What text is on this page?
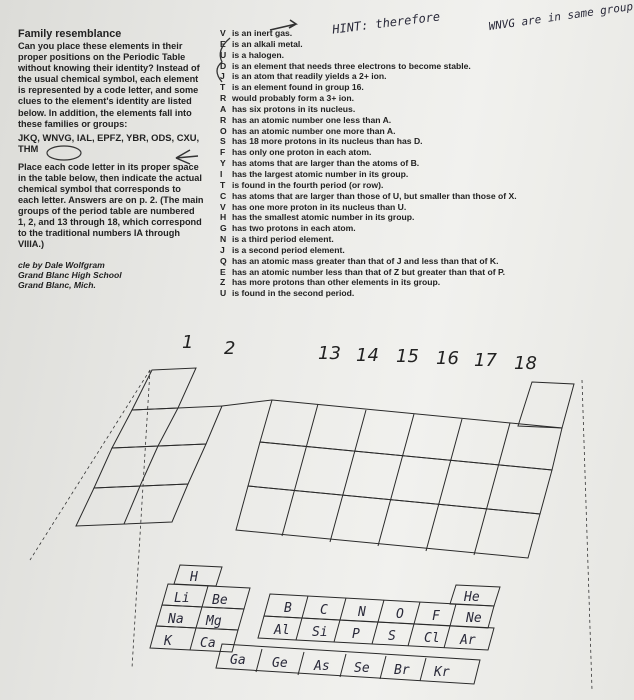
Family resemblance

Can you place these elements in their proper positions on the Periodic Table without knowing their identity? Instead of the usual chemical symbol, each element is represented by a code letter, and some clues to the element's identity are listed below. In addition, the elements fall into these families or groups:

JKQ, WNVG, IAL, EPFZ, YBR, ODS, CXU, THM

Place each code letter in its proper space in the table below, then indicate the actual chemical symbol that corresponds to each letter. Answers are on p. 2. (The main groups of the period table are numbered 1, 2, and 13 through 18, which correspond to the traditional numbers IA through VIIIA.)

cle by Dale Wolfgram
Grand Blanc High School
Grand Blanc, Mich.
V is an inert gas.
E is an alkali metal.
U is a halogen.
D is an element that needs three electrons to become stable.
J is an atom that readily yields a 2+ ion.
T is an element found in group 16.
R would probably form a 3+ ion.
A has six protons in its nucleus.
R has an atomic number one less than A.
O has an atomic number one more than A.
S has 18 more protons in its nucleus than has D.
F has only one proton in each atom.
Y has atoms that are larger than the atoms of B.
I has the largest atomic number in its group.
T is found in the fourth period (or row).
C has atoms that are larger than those of U, but smaller than those of X.
V has one more proton in its nucleus than U.
H has the smallest atomic number in its group.
G has two protons in each atom.
N is a third period element.
J is a second period element.
Q has an atomic mass greater than that of J and less than that of K.
E has an atomic number less than that of Z but greater than that of P.
Z has more protons than other elements in its group.
U is found in the second period.
HINT: therefore	WNVG are in same group
1 2	13 14 15 16 17 18
H
Li Be
Na Mg
K Ca
He
B C N O F Ne
Al Si P S Cl Ar
Ga Ge As Se Br Kr
